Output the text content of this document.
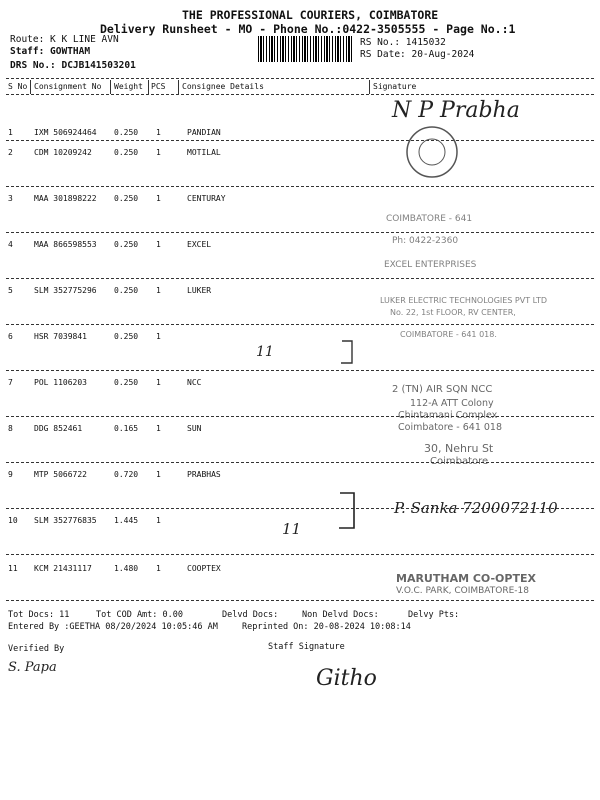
THE PROFESSIONAL COURIERS, COIMBATORE
Delivery Runsheet - MO - Phone No.:0422-3505555 - Page No.:1
Route: K K LINE AVN
Staff: GOWTHAM
DRS No.: DCJB141503201
RS No.: 1415032
RS Date: 20-Aug-2024
S No Consignment No Weight PCS Consignee Details	Signature
1	IXM 506924464 0.250 1	PANDIAN
2	CDM 10209242	0.250 1	MOTILAL
3	MAA 301898222 0.250 1	CENTURAY
4	MAA 866598553 0.250 1	EXCEL
5	SLM 352775296 0.250 1	LUKER
6	HSR 7039841	0.250 1
7	POL 1106203	0.250 1	NCC
8	DDG 852461	0.165 1	SUN
9	MTP 5066722	0.720 1	PRABHAS
10 SLM 352776835 1.445 1
11 KCM 21431117	1.480 1	COOPTEX
N P Prabha
COIMBATORE - 641
Ph: 0422-2360
EXCEL ENTERPRISES
LUKER ELECTRIC TECHNOLOGIES PVT LTD
No. 22, 1st FLOOR, RV CENTER,
COIMBATORE - 641 018.
11
2 (TN) AIR SQN NCC
112-A ATT Colony
Chintamani Complex
Coimbatore - 641 018
30, Nehru St
Coimbatore
11
P. Sanka 7200072110
MARUTHAM CO-OPTEX
V.O.C. PARK, COIMBATORE-18
Tot Docs: 11	Tot COD Amt: 0.00	Delvd Docs:	Non Delvd Docs:	Delvy Pts:
Entered By :GEETHA 08/20/2024 10:05:46 AM	Reprinted On: 20-08-2024 10:08:14
Verified By	Staff Signature
S. Papa	Githo
